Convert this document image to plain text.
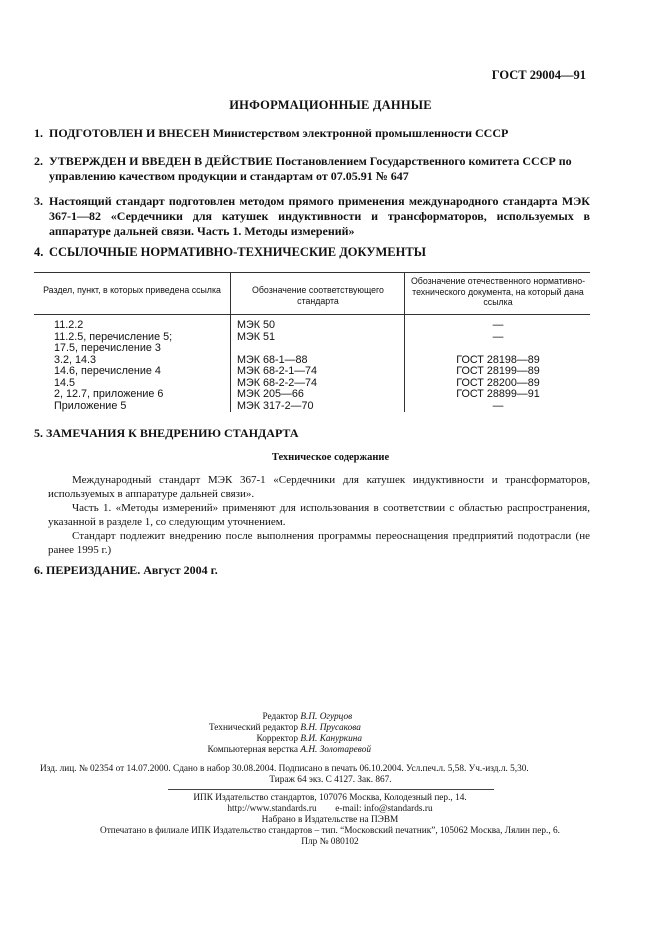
ГОСТ 29004—91
ИНФОРМАЦИОННЫЕ ДАННЫЕ
1. ПОДГОТОВЛЕН И ВНЕСЕН Министерством электронной промышленности СССР
2. УТВЕРЖДЕН И ВВЕДЕН В ДЕЙСТВИЕ Постановлением Государственного комитета СССР по управлению качеством продукции и стандартам от 07.05.91 № 647
3. Настоящий стандарт подготовлен методом прямого применения международного стандарта МЭК 367-1—82 «Сердечники для катушек индуктивности и трансформаторов, используемых в аппаратуре дальней связи. Часть 1. Методы измерений»
4. ССЫЛОЧНЫЕ НОРМАТИВНО-ТЕХНИЧЕСКИЕ ДОКУМЕНТЫ
Раздел, пункт, в которых приведена ссылка	Обозначение соответствующего стандарта
Обозначение отечественного нормативно-технического документа, на который дана ссылка
11.2.2
11.2.5, перечисление 5;
17.5, перечисление 3
3.2, 14.3
14.6, перечисление 4
14.5
2, 12.7, приложение 6
Приложение 5
МЭК 50
МЭК 51
МЭК 68-1—88
МЭК 68-2-1—74
МЭК 68-2-2—74
МЭК 205—66
МЭК 317-2—70
—
—
ГОСТ 28198—89
ГОСТ 28199—89
ГОСТ 28200—89
ГОСТ 28899—91
—
5. ЗАМЕЧАНИЯ К ВНЕДРЕНИЮ СТАНДАРТА
Техническое содержание
Международный стандарт МЭК 367-1 «Сердечники для катушек индуктивности и трансформаторов, используемых в аппаратуре дальней связи».
Часть 1. «Методы измерений» применяют для использования в соответствии с областью распространения, указанной в разделе 1, со следующим уточнением.
Стандарт подлежит внедрению после выполнения программы переоснащения предприятий подотрасли (не ранее 1995 г.)
6. ПЕРЕИЗДАНИЕ. Август 2004 г.
Редактор В.П. Огурцов
Технический редактор В.Н. Прусакова
Корректор В.И. Кануркина
Компьютерная верстка А.Н. Золотаревой
Изд. лиц. № 02354 от 14.07.2000. Сдано в набор 30.08.2004. Подписано в печать 06.10.2004. Усл.печ.л. 5,58. Уч.-изд.л. 5,30.
Тираж 64 экз. С 4127. Зак. 867.
ИПК Издательство стандартов, 107076 Москва, Колодезный пер., 14.
http://www.standards.ru        e-mail: info@standards.ru
Набрано в Издательстве на ПЭВМ
Отпечатано в филиале ИПК Издательство стандартов – тип. “Московский печатник”, 105062 Москва, Лялин пер., 6.
Плр № 080102
